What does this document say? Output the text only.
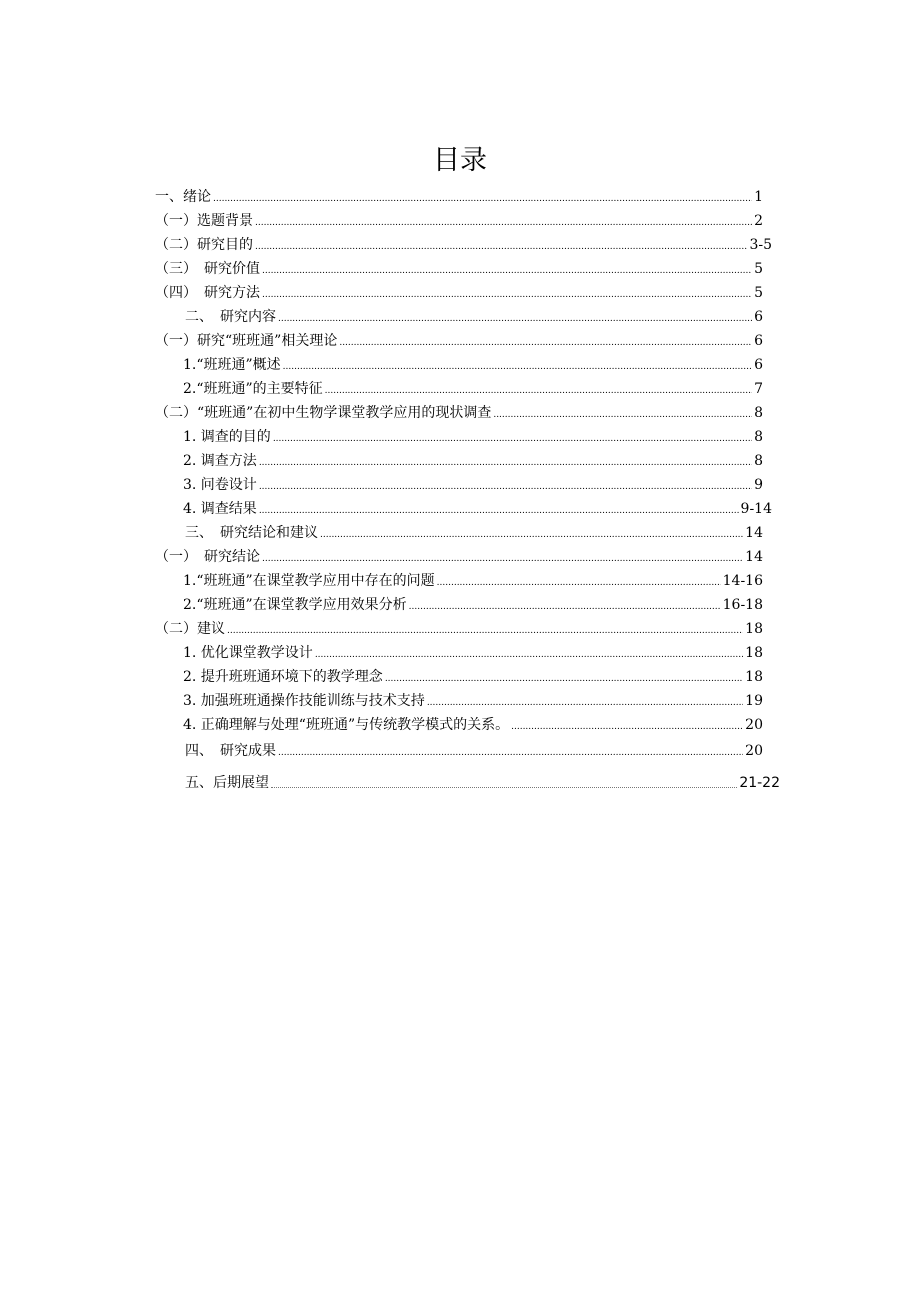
目录
一、绪论 .....	1
（一）选题背景 .....	2
（二）研究目的 .....	3-5
（三）　研究价值 .....	5
（四）　研究方法 .....	5
二、　研究内容 .....	6
（一）研究“班班通”相关理论 .....	6
1.“班班通”概述 .....	6
2.“班班通”的主要特征 .....	7
（二）“班班通”在初中生物学课堂教学应用的现状调查 .....	8
1. 调查的目的 .....	8
2. 调查方法 .....	8
3. 问卷设计 .....	9
4. 调查结果 .....	9-14
三、　研究结论和建议 .....	14
（一）　研究结论 .....	14
1.“班班通”在课堂教学应用中存在的问题 .....	14-16
2.“班班通”在课堂教学应用效果分析 .....	16-18
（二）建议 .....	18
1. 优化课堂教学设计 .....	18
2. 提升班班通环境下的教学理念 .....	18
3. 加强班班通操作技能训练与技术支持 .....	19
4. 正确理解与处理“班班通”与传统教学模式的关系。 .....	20
四、　研究成果 .....	20
五、后期展望	21-22
